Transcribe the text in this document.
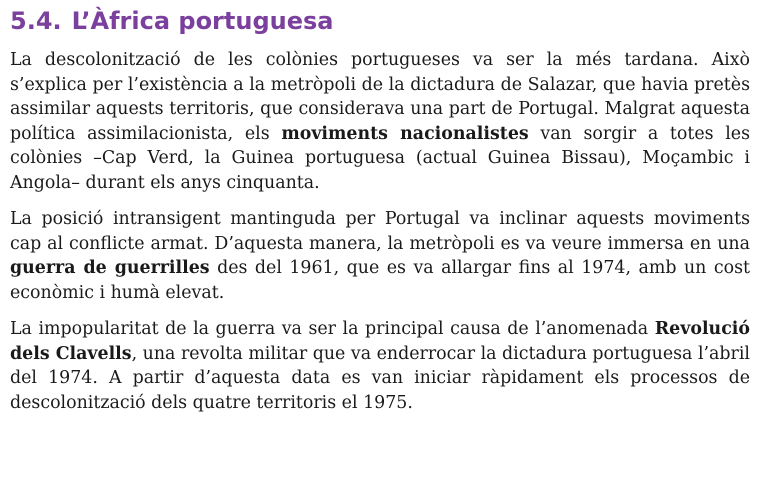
5.4. L’Àfrica portuguesa

La descolonització de les colònies portugueses va ser la més tardana. Això s’explica per l’existència a la metròpoli de la dictadura de Salazar, que havia pretès assimilar aquests territoris, que considerava una part de Portugal. Malgrat aquesta política assimilacionista, els moviments nacionalistes van sorgir a totes les colònies –Cap Verd, la Guinea portuguesa (actual Guinea Bissau), Moçambic i Angola– durant els anys cinquanta.

La posició intransigent mantinguda per Portugal va inclinar aquests moviments cap al conflicte armat. D’aquesta manera, la metròpoli es va veure immersa en una guerra de guerrilles des del 1961, que es va allargar fins al 1974, amb un cost econòmic i humà elevat.

La impopularitat de la guerra va ser la principal causa de l’anomenada Revolució dels Clavells, una revolta militar que va enderrocar la dictadura portuguesa l’abril del 1974. A partir d’aquesta data es van iniciar ràpidament els processos de descolonització dels quatre territoris el 1975.
